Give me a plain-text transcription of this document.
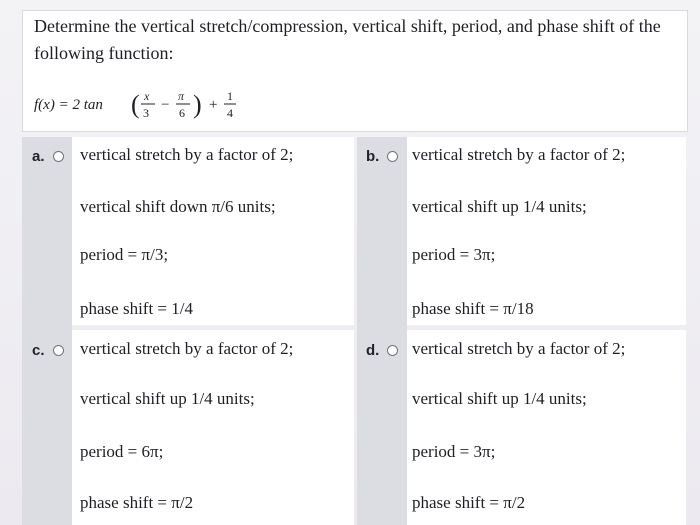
Determine the vertical stretch/compression, vertical shift, period, and phase shift of the following function:
f(x) = 2 tan ( x
3 −
π
6 ) +
1
4
a. vertical stretch by a factor of 2;
vertical shift down π/6 units;
period = π/3;
phase shift = 1/4
b. vertical stretch by a factor of 2;
vertical shift up 1/4 units;
period = 3π;
phase shift = π/18
c. vertical stretch by a factor of 2;
vertical shift up 1/4 units;
period = 6π;
phase shift = π/2
d. vertical stretch by a factor of 2;
vertical shift up 1/4 units;
period = 3π;
phase shift = π/2
